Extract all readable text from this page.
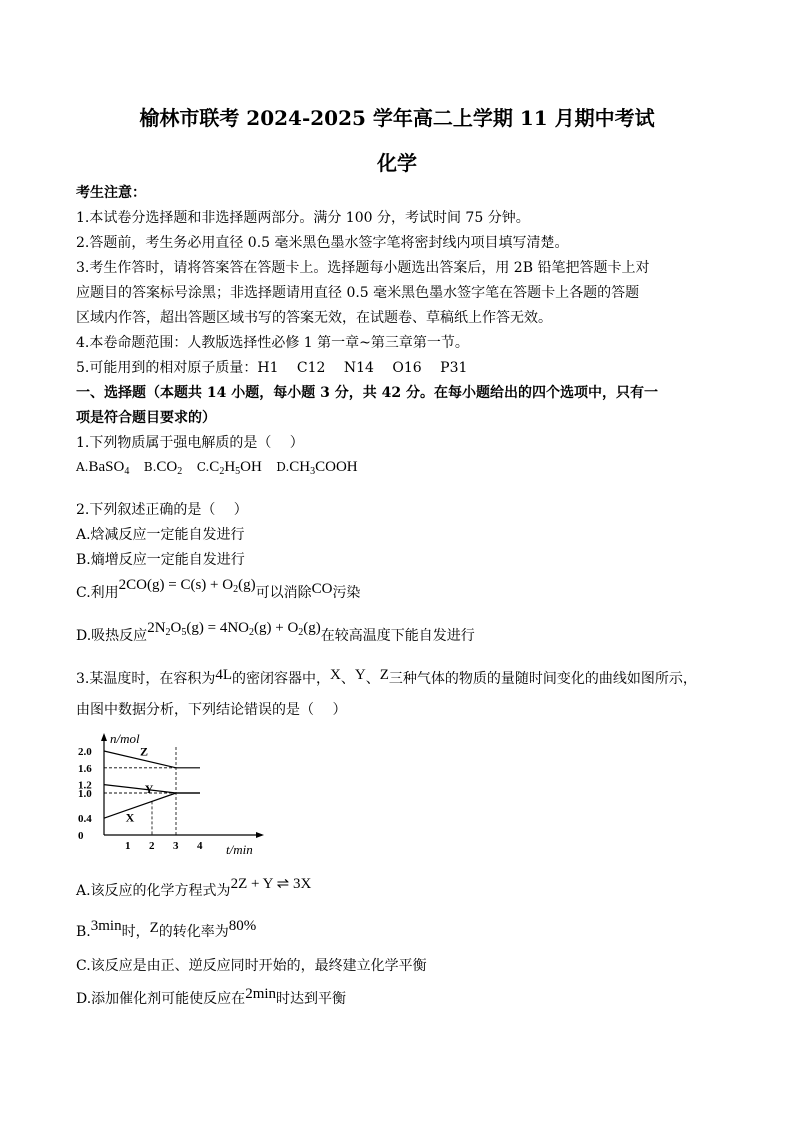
榆林市联考 2024-2025 学年高二上学期 11 月期中考试
化学
考生注意：
1.本试卷分选择题和非选择题两部分。满分 100 分，考试时间 75 分钟。
2.答题前，考生务必用直径 0.5 毫米黑色墨水签字笔将密封线内项目填写清楚。
3.考生作答时，请将答案答在答题卡上。选择题每小题选出答案后，用 2B 铅笔把答题卡上对
应题目的答案标号涂黑；非选择题请用直径 0.5 毫米黑色墨水签字笔在答题卡上各题的答题
区域内作答，超出答题区域书写的答案无效，在试题卷、草稿纸上作答无效。
4.本卷命题范围：人教版选择性必修 1 第一章~第三章第一节。
5.可能用到的相对原子质量：H1　 C12　 N14　 O16　 P31
一、选择题（本题共 14 小题，每小题 3 分，共 42 分。在每小题给出的四个选项中，只有一
项是符合题目要求的）
1.下列物质属于强电解质的是（　 ）
A.BaSO$_4$ $B.CO_2$ $C.C_2H_5OH$ $D.CH_3COOH$
2.下列叙述正确的是（　 ）
A.焓减反应一定能自发进行
B.熵增反应一定能自发进行
C.利用$2CO(g) = C(s) + O_2(g)$可以消除CO污染
D.吸热反应$2N_2O_5(g) = 4NO_2(g) + O_2(g)$在较高温度下能自发进行
3.某温度时，在容积为4L的密闭容器中，X、Y、Z三种气体的物质的量随时间变化的曲线如图所示，
由图中数据分析，下列结论错误的是（　 ）
n/mol
t/min
2.0
1.6
1.2
1.0
0.4
0
1 2 3 4
Z
Y
X
A.该反应的化学方程式为2Z + Y ⇌ 3X
B.3min时，Z的转化率为80%
C.该反应是由正、逆反应同时开始的，最终建立化学平衡
D.添加催化剂可能使反应在2min时达到平衡
